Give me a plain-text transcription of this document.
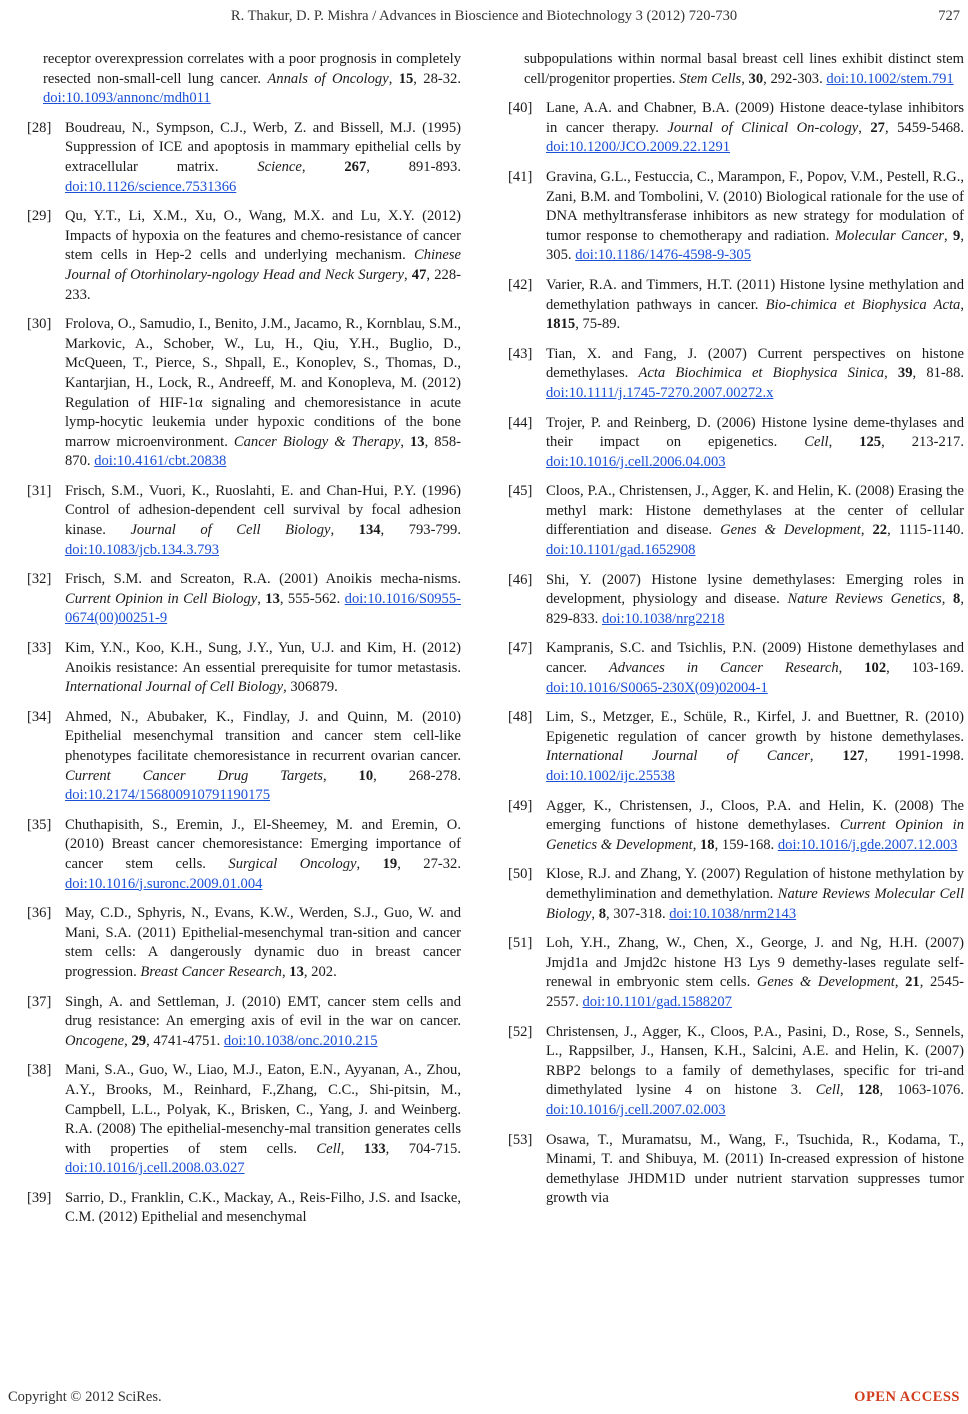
R. Thakur, D. P. Mishra / Advances in Bioscience and Biotechnology 3 (2012) 720-730	727
receptor overexpression correlates with a poor prognosis in completely resected non-small-cell lung cancer. Annals of Oncology, 15, 28-32. doi:10.1093/annonc/mdh011
[28] Boudreau, N., Sympson, C.J., Werb, Z. and Bissell, M.J. (1995) Suppression of ICE and apoptosis in mammary epithelial cells by extracellular matrix.	Science, 267, 891-893. doi:10.1126/science.7531366
[29] Qu, Y.T., Li, X.M., Xu, O., Wang, M.X. and Lu, X.Y. (2012) Impacts of hypoxia on the features and chemo-resistance of cancer stem cells in Hep-2 cells and underlying mechanism. Chinese Journal of Otorhinolary-ngology Head and Neck Surgery, 47, 228-233.
[30] Frolova, O., Samudio, I., Benito, J.M., Jacamo, R., Kornblau, S.M., Markovic, A., Schober, W., Lu, H., Qiu, Y.H., Buglio, D., McQueen, T., Pierce, S., Shpall, E., Konoplev, S., Thomas, D., Kantarjian, H., Lock, R., Andreeff, M. and Konopleva, M. (2012) Regulation of HIF-1α signaling and chemoresistance in acute lymp-hocytic leukemia under hypoxic conditions of the bone marrow microenvironment. Cancer Biology & Therapy, 13, 858-870. doi:10.4161/cbt.20838
[31] Frisch, S.M., Vuori, K., Ruoslahti, E. and Chan-Hui, P.Y. (1996) Control of adhesion-dependent cell survival by focal adhesion kinase. Journal of Cell Biology, 134, 793-799. doi:10.1083/jcb.134.3.793
[32] Frisch, S.M. and Screaton, R.A. (2001) Anoikis mecha-nisms. Current Opinion in Cell Biology, 13, 555-562. doi:10.1016/S0955-0674(00)00251-9
[33] Kim, Y.N., Koo, K.H., Sung, J.Y., Yun, U.J. and Kim, H. (2012) Anoikis resistance: An essential prerequisite for tumor metastasis. International Journal of Cell Biology, 306879.
[34] Ahmed, N., Abubaker, K., Findlay, J. and Quinn, M. (2010) Epithelial mesenchymal transition and cancer stem cell-like phenotypes facilitate chemoresistance in recurrent ovarian cancer. Current Cancer Drug Targets, 10, 268-278. doi:10.2174/156800910791190175
[35] Chuthapisith, S., Eremin, J., El-Sheemey, M. and Eremin, O. (2010) Breast cancer chemoresistance: Emerging importance of cancer stem cells. Surgical Oncology, 19, 27-32. doi:10.1016/j.suronc.2009.01.004
[36] May, C.D., Sphyris, N., Evans, K.W., Werden, S.J., Guo, W. and Mani, S.A. (2011) Epithelial-mesenchymal tran-sition and cancer stem cells: A dangerously dynamic duo in breast cancer progression. Breast Cancer Research, 13, 202.
[37] Singh, A. and Settleman, J. (2010) EMT, cancer stem cells and drug resistance: An emerging axis of evil in the war on cancer. Oncogene, 29, 4741-4751. doi:10.1038/onc.2010.215
[38] Mani, S.A., Guo, W., Liao, M.J., Eaton, E.N., Ayyanan, A., Zhou, A.Y., Brooks, M., Reinhard, F.,Zhang, C.C., Shi-pitsin, M., Campbell, L.L., Polyak, K., Brisken, C., Yang, J. and Weinberg. R.A. (2008) The epithelial-mesenchy-mal transition generates cells with properties of stem cells. Cell, 133, 704-715. doi:10.1016/j.cell.2008.03.027
[39] Sarrio, D., Franklin, C.K., Mackay, A., Reis-Filho, J.S. and Isacke, C.M. (2012) Epithelial and mesenchymal
subpopulations within normal basal breast cell lines exhibit distinct stem cell/progenitor properties. Stem Cells, 30, 292-303. doi:10.1002/stem.791
[40] Lane, A.A. and Chabner, B.A. (2009) Histone deace-tylase inhibitors in cancer therapy. Journal of Clinical On-cology, 27, 5459-5468. doi:10.1200/JCO.2009.22.1291
[41] Gravina, G.L., Festuccia, C., Marampon, F., Popov, V.M., Pestell, R.G., Zani, B.M. and Tombolini, V. (2010) Biological rationale for the use of DNA methyltransferase inhibitors as new strategy for modulation of tumor response to chemotherapy and radiation. Molecular Cancer, 9, 305. doi:10.1186/1476-4598-9-305
[42] Varier, R.A. and Timmers, H.T. (2011) Histone lysine methylation and demethylation pathways in cancer. Bio-chimica et Biophysica Acta, 1815, 75-89.
[43] Tian, X. and Fang, J. (2007) Current perspectives on histone demethylases. Acta Biochimica et Biophysica Sinica, 39, 81-88. doi:10.1111/j.1745-7270.2007.00272.x
[44] Trojer, P. and Reinberg, D. (2006) Histone lysine deme-thylases and their impact on epigenetics. Cell, 125, 213-217. doi:10.1016/j.cell.2006.04.003
[45] Cloos, P.A., Christensen, J., Agger, K. and Helin, K. (2008) Erasing the methyl mark: Histone demethylases at the center of cellular differentiation and disease. Genes & Development, 22, 1115-1140. doi:10.1101/gad.1652908
[46] Shi, Y. (2007) Histone lysine demethylases: Emerging roles in development, physiology and disease. Nature Reviews Genetics, 8, 829-833. doi:10.1038/nrg2218
[47] Kampranis, S.C. and Tsichlis, P.N. (2009) Histone demethylases and cancer. Advances in Cancer Research, 102, 103-169. doi:10.1016/S0065-230X(09)02004-1
[48] Lim, S., Metzger, E., Schüle, R., Kirfel, J. and Buettner, R. (2010) Epigenetic regulation of cancer growth by histone demethylases. International Journal of Cancer, 127, 1991-1998. doi:10.1002/ijc.25538
[49] Agger, K., Christensen, J., Cloos, P.A. and Helin, K. (2008) The emerging functions of histone demethylases. Current Opinion in Genetics & Development, 18, 159-168. doi:10.1016/j.gde.2007.12.003
[50] Klose, R.J. and Zhang, Y. (2007) Regulation of histone methylation by demethylimination and demethylation. Nature Reviews Molecular Cell Biology, 8, 307-318. doi:10.1038/nrm2143
[51] Loh, Y.H., Zhang, W., Chen, X., George, J. and Ng, H.H. (2007) Jmjd1a and Jmjd2c histone H3 Lys 9 demethy-lases regulate self-renewal in embryonic stem cells. Genes & Development, 21, 2545-2557. doi:10.1101/gad.1588207
[52] Christensen, J., Agger, K., Cloos, P.A., Pasini, D., Rose, S., Sennels, L., Rappsilber, J., Hansen, K.H., Salcini, A.E. and Helin, K. (2007) RBP2 belongs to a family of demethylases, specific for tri-and dimethylated lysine 4 on histone 3. Cell, 128, 1063-1076. doi:10.1016/j.cell.2007.02.003
[53] Osawa, T., Muramatsu, M., Wang, F., Tsuchida, R., Kodama, T., Minami, T. and Shibuya, M. (2011) In-creased expression of histone demethylase JHDM1D under nutrient starvation suppresses tumor growth via
Copyright © 2012 SciRes.	OPEN ACCESS
